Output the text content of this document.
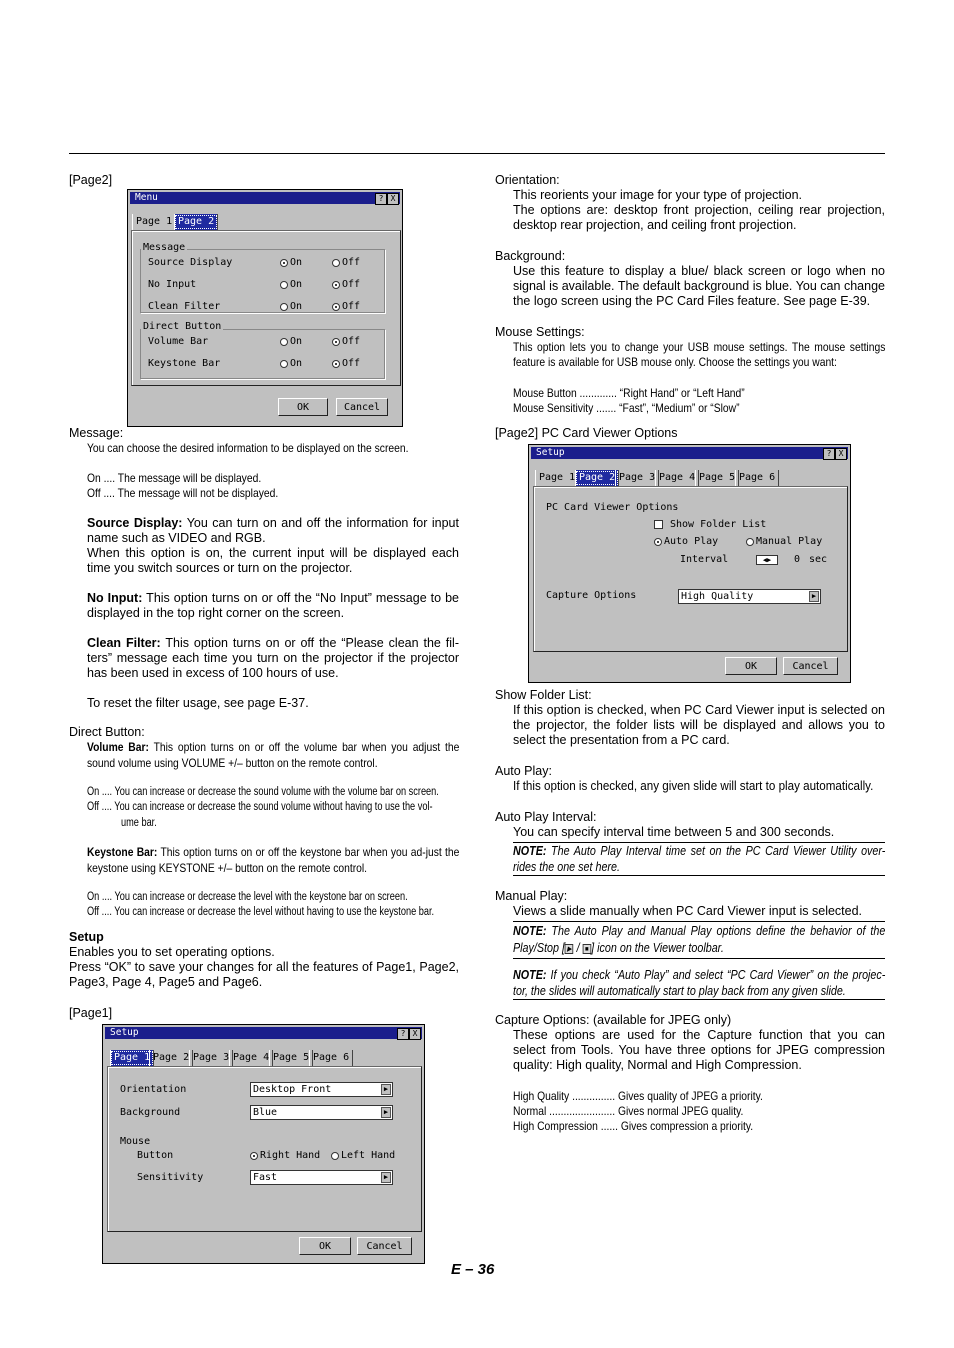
[Page2]
Menu	? X
Page 1 Page 2
Message
Source Display	On	Off
No Input	On	Off
Clean Filter	On	Off
Direct Button
Volume Bar	On	Off
Keystone Bar	On	Off
OK	Cancel
Message:
You can choose the desired information to be displayed on the screen.
On .... The message will be displayed.
Off .... The message will not be displayed.
Source Display: You can turn on and off the information for input name such as VIDEO and RGB.
When this option is on, the current input will be displayed each time you switch sources or turn on the projector.
No Input: This option turns on or off the “No Input” message to be displayed in the top right corner on the screen.
Clean Filter: This option turns on or off the “Please clean the fil-ters” message each time you turn on the projector if the projector has been used in excess of 100 hours of use.
To reset the filter usage, see page E-37.
Direct Button:
Volume Bar: This option turns on or off the volume bar when you adjust the sound volume using VOLUME +/– button on the remote control.
On .... You can increase or decrease the sound volume with the volume bar on screen.
Off .... You can increase or decrease the sound volume without having to use the vol-
ume bar.
Keystone Bar: This option turns on or off the keystone bar when you ad-just the keystone using KEYSTONE +/– button on the remote control.
On .... You can increase or decrease the level with the keystone bar on screen.
Off .... You can increase or decrease the level without having to use the keystone bar.
Setup
Enables you to set operating options.
Press “OK” to save your changes for all the features of Page1, Page2, Page3, Page 4, Page5 and Page6.
[Page1]
Setup	? X
Page 1 Page 2 Page 3 Page 4 Page 5 Page 6
Orientation	Desktop Front	▶
Background	Blue	▶
Mouse
Button	Right Hand Left Hand
Sensitivity	Fast	▶
OK	Cancel
Orientation:
This reorients your image for your type of projection.
The options are: desktop front projection, ceiling rear projection, desktop rear projection, and ceiling front projection.
Background:
Use this feature to display a blue/ black screen or logo when no signal is available. The default background is blue. You can change the logo screen using the PC Card Files feature. See page E-39.
Mouse Settings:
This option lets you to change your USB mouse settings. The mouse settings feature is available for USB mouse only. Choose the settings you want:
Mouse Button ............. “Right Hand” or “Left Hand”
Mouse Sensitivity ....... “Fast”, “Medium” or “Slow”
[Page2] PC Card Viewer Options
Setup	? X
Page 1 Page 2 Page 3 Page 4 Page 5 Page 6
PC Card Viewer Options
Show Folder List
Auto Play	Manual Play
Interval	◀▶	0 sec
Capture Options	High Quality	▶
OK	Cancel
Show Folder List:
If this option is checked, when PC Card Viewer input is selected on the projector, the folder lists will be displayed and allows you to select the presentation from a PC card.
Auto Play:
If this option is checked, any given slide will start to play automatically.
Auto Play Interval:
You can specify interval time between 5 and 300 seconds.
NOTE: The Auto Play Interval time set on the PC Card Viewer Utility over-rides the one set here.
Manual Play:
Views a slide manually when PC Card Viewer input is selected.
NOTE: The Auto Play and Manual Play options define the behavior of the Play/Stop [ ▶ / ■ ] icon on the Viewer toolbar.
NOTE: If you check “Auto Play” and select “PC Card Viewer” on the projec-tor, the slides will automatically start to play back from any given slide.
Capture Options: (available for JPEG only)
These options are used for the Capture function that you can select from Tools. You have three options for JPEG compression quality: High quality, Normal and High Compression.
High Quality ............... Gives quality of JPEG a priority.
Normal ....................... Gives normal JPEG quality.
High Compression ...... Gives compression a priority.
E – 36
